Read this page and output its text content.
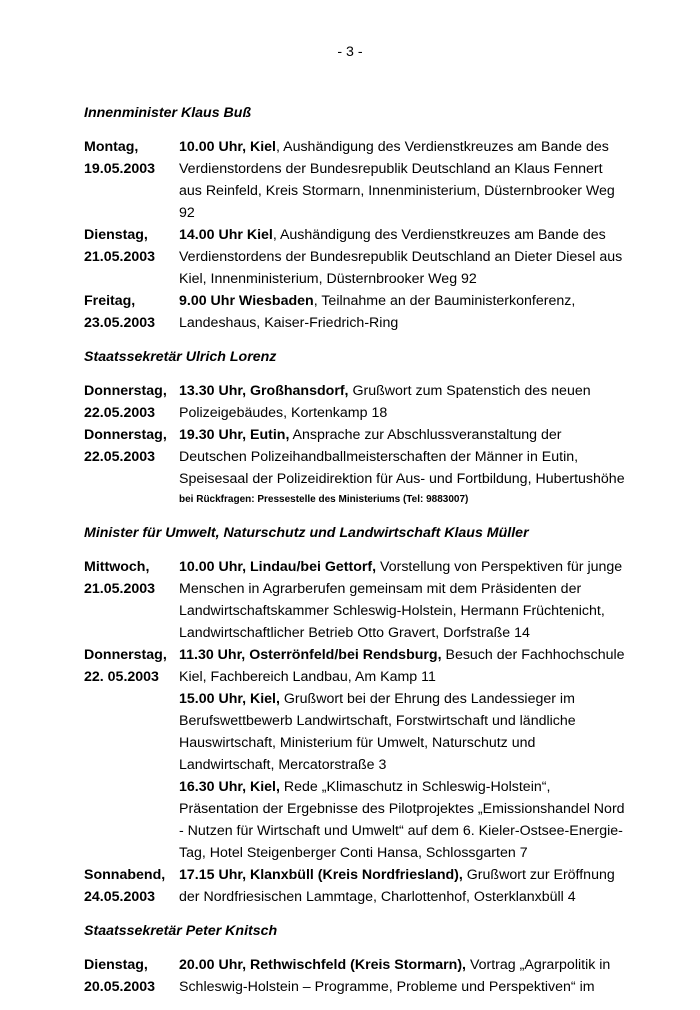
- 3 -

Innenminister Klaus Buß

Montag,
19.05.2003
10.00 Uhr, Kiel, Aushändigung des Verdienstkreuzes am Bande des Verdienstordens der Bundesrepublik Deutschland an Klaus Fennert aus Reinfeld, Kreis Stormarn, Innenministerium, Düsternbrooker Weg 92
Dienstag,
21.05.2003
14.00 Uhr Kiel, Aushändigung des Verdienstkreuzes am Bande des Verdienstordens der Bundesrepublik Deutschland an Dieter Diesel aus Kiel, Innenministerium, Düsternbrooker Weg 92
Freitag,
23.05.2003
9.00 Uhr Wiesbaden, Teilnahme an der Bauministerkonferenz, Landeshaus, Kaiser-Friedrich-Ring

Staatssekretär Ulrich Lorenz

Donnerstag,
22.05.2003
13.30 Uhr, Großhansdorf, Grußwort zum Spatenstich des neuen Polizeigebäudes, Kortenkamp 18
Donnerstag,
22.05.2003
19.30 Uhr, Eutin, Ansprache zur Abschlussveranstaltung der Deutschen Polizeihandballmeisterschaften der Männer in Eutin, Speisesaal der Polizeidirektion für Aus- und Fortbildung, Hubertushöhe
bei Rückfragen: Pressestelle des Ministeriums (Tel: 9883007)

Minister für Umwelt, Naturschutz und Landwirtschaft Klaus Müller

Mittwoch,
21.05.2003
10.00 Uhr, Lindau/bei Gettorf, Vorstellung von Perspektiven für junge Menschen in Agrarberufen gemeinsam mit dem Präsidenten der Landwirtschaftskammer Schleswig-Holstein, Hermann Früchtenicht, Landwirtschaftlicher Betrieb Otto Gravert, Dorfstraße 14
Donnerstag,
22. 05.2003
11.30 Uhr, Osterrönfeld/bei Rendsburg, Besuch der Fachhochschule Kiel, Fachbereich Landbau, Am Kamp 11
15.00 Uhr, Kiel, Grußwort bei der Ehrung des Landessieger im Berufswettbewerb Landwirtschaft, Forstwirtschaft und ländliche Hauswirtschaft, Ministerium für Umwelt, Naturschutz und Landwirtschaft, Mercatorstraße 3
16.30 Uhr, Kiel, Rede „Klimaschutz in Schleswig-Holstein“, Präsentation der Ergebnisse des Pilotprojektes „Emissionshandel Nord - Nutzen für Wirtschaft und Umwelt“ auf dem 6. Kieler-Ostsee-Energie-Tag, Hotel Steigenberger Conti Hansa, Schlossgarten 7
Sonnabend,
24.05.2003
17.15 Uhr, Klanxbüll (Kreis Nordfriesland), Grußwort zur Eröffnung der Nordfriesischen Lammtage, Charlottenhof, Osterklanxbüll 4

Staatssekretär Peter Knitsch

Dienstag,
20.05.2003
20.00 Uhr, Rethwischfeld (Kreis Stormarn), Vortrag „Agrarpolitik in Schleswig-Holstein – Programme, Probleme und Perspektiven“ im
